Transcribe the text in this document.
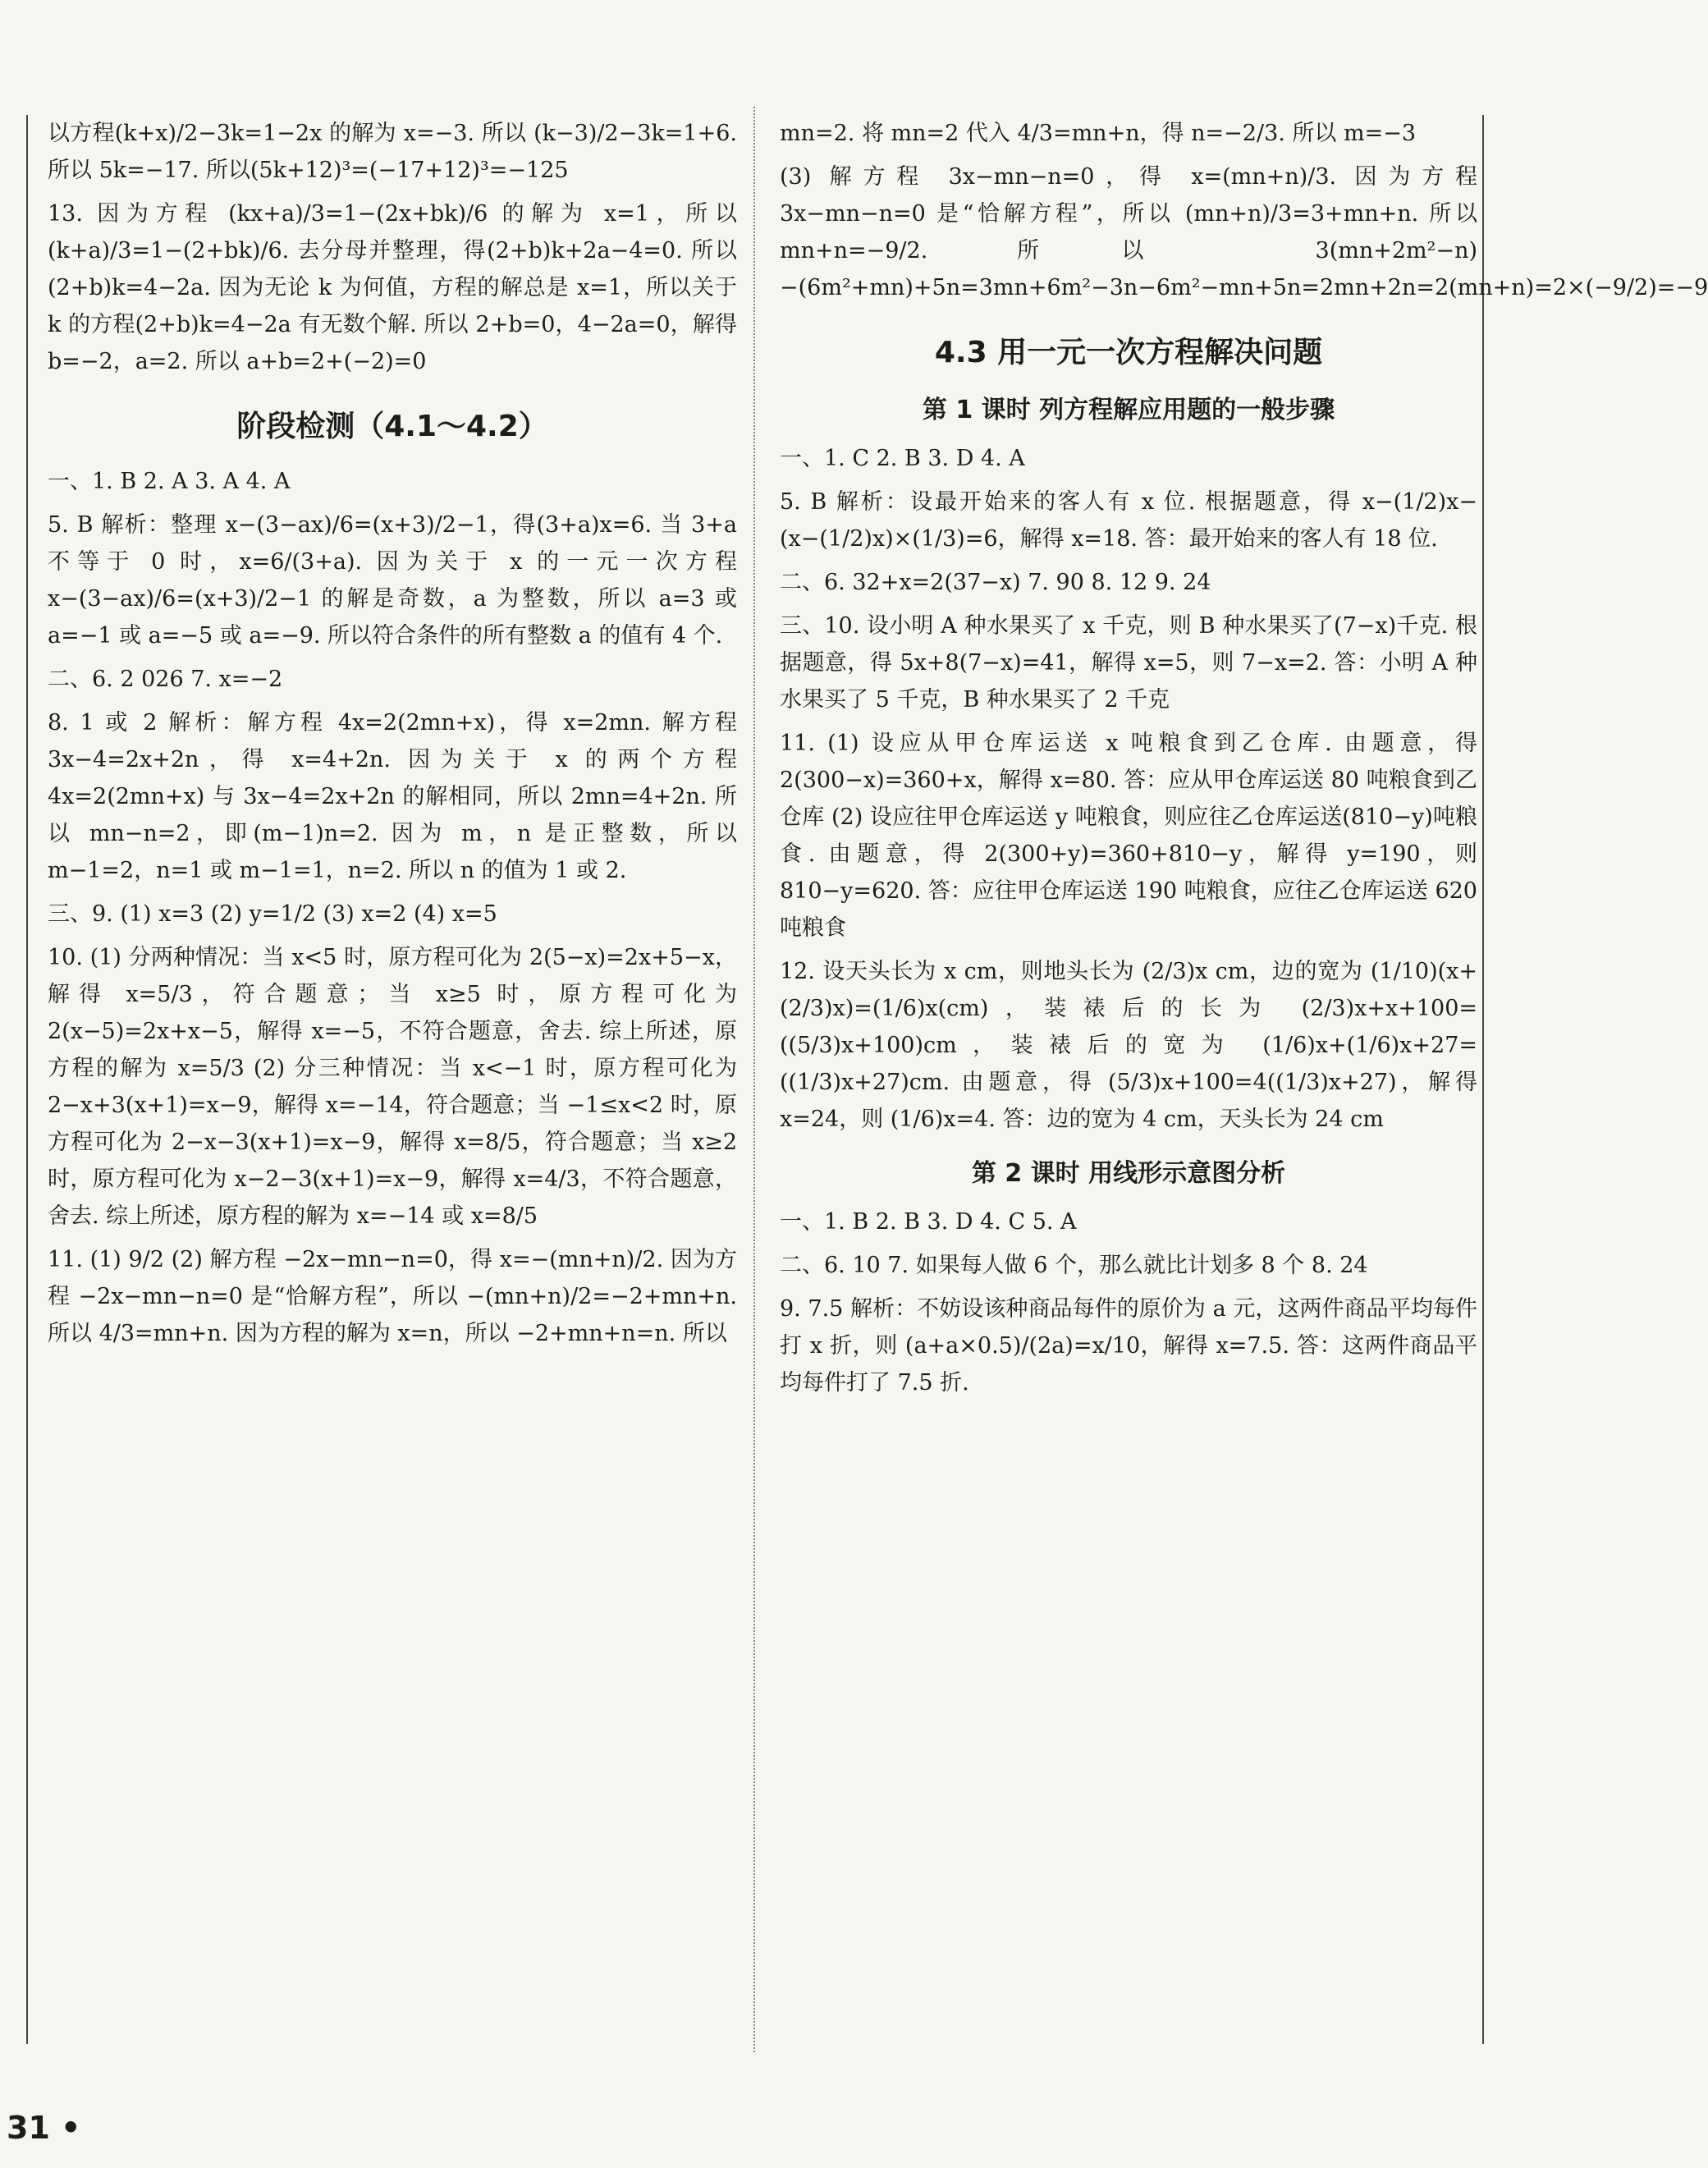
以方程(k+x)/2−3k=1−2x 的解为 x=−3. 所以 (k−3)/2−3k=1+6. 所以 5k=−17. 所以(5k+12)³=(−17+12)³=−125

13. 因为方程 (kx+a)/3=1−(2x+bk)/6 的解为 x=1，所以 (k+a)/3=1−(2+bk)/6. 去分母并整理，得(2+b)k+2a−4=0. 所以(2+b)k=4−2a. 因为无论 k 为何值，方程的解总是 x=1，所以关于 k 的方程(2+b)k=4−2a 有无数个解. 所以 2+b=0，4−2a=0，解得 b=−2，a=2. 所以 a+b=2+(−2)=0

阶段检测（4.1～4.2）

一、1. B 2. A 3. A 4. A

5. B 解析：整理 x−(3−ax)/6=(x+3)/2−1，得(3+a)x=6. 当 3+a 不等于 0 时，x=6/(3+a). 因为关于 x 的一元一次方程 x−(3−ax)/6=(x+3)/2−1 的解是奇数，a 为整数，所以 a=3 或 a=−1 或 a=−5 或 a=−9. 所以符合条件的所有整数 a 的值有 4 个.

二、6. 2 026 7. x=−2

8. 1 或 2 解析：解方程 4x=2(2mn+x)，得 x=2mn. 解方程 3x−4=2x+2n，得 x=4+2n. 因为关于 x 的两个方程 4x=2(2mn+x) 与 3x−4=2x+2n 的解相同，所以 2mn=4+2n. 所以 mn−n=2，即(m−1)n=2. 因为 m，n 是正整数，所以 m−1=2，n=1 或 m−1=1，n=2. 所以 n 的值为 1 或 2.

三、9. (1) x=3 (2) y=1/2 (3) x=2 (4) x=5

10. (1) 分两种情况：当 x<5 时，原方程可化为 2(5−x)=2x+5−x，解得 x=5/3，符合题意；当 x≥5 时，原方程可化为 2(x−5)=2x+x−5，解得 x=−5，不符合题意，舍去. 综上所述，原方程的解为 x=5/3 (2) 分三种情况：当 x<−1 时，原方程可化为 2−x+3(x+1)=x−9，解得 x=−14，符合题意；当 −1≤x<2 时，原方程可化为 2−x−3(x+1)=x−9，解得 x=8/5，符合题意；当 x≥2 时，原方程可化为 x−2−3(x+1)=x−9，解得 x=4/3，不符合题意，舍去. 综上所述，原方程的解为 x=−14 或 x=8/5

11. (1) 9/2 (2) 解方程 −2x−mn−n=0，得 x=−(mn+n)/2. 因为方程 −2x−mn−n=0 是“恰解方程”，所以 −(mn+n)/2=−2+mn+n. 所以 4/3=mn+n. 因为方程的解为 x=n，所以 −2+mn+n=n. 所以

mn=2. 将 mn=2 代入 4/3=mn+n，得 n=−2/3. 所以 m=−3

(3) 解方程 3x−mn−n=0，得 x=(mn+n)/3. 因为方程 3x−mn−n=0 是“恰解方程”，所以 (mn+n)/3=3+mn+n. 所以 mn+n=−9/2. 所以 3(mn+2m²−n)−(6m²+mn)+5n=3mn+6m²−3n−6m²−mn+5n=2mn+2n=2(mn+n)=2×(−9/2)=−9

4.3 用一元一次方程解决问题
第 1 课时 列方程解应用题的一般步骤

一、1. C 2. B 3. D 4. A

5. B 解析：设最开始来的客人有 x 位. 根据题意，得 x−(1/2)x−(x−(1/2)x)×(1/3)=6，解得 x=18. 答：最开始来的客人有 18 位.

二、6. 32+x=2(37−x) 7. 90 8. 12 9. 24

三、10. 设小明 A 种水果买了 x 千克，则 B 种水果买了(7−x)千克. 根据题意，得 5x+8(7−x)=41，解得 x=5，则 7−x=2. 答：小明 A 种水果买了 5 千克，B 种水果买了 2 千克

11. (1) 设应从甲仓库运送 x 吨粮食到乙仓库. 由题意，得 2(300−x)=360+x，解得 x=80. 答：应从甲仓库运送 80 吨粮食到乙仓库 (2) 设应往甲仓库运送 y 吨粮食，则应往乙仓库运送(810−y)吨粮食. 由题意，得 2(300+y)=360+810−y，解得 y=190，则 810−y=620. 答：应往甲仓库运送 190 吨粮食，应往乙仓库运送 620 吨粮食

12. 设天头长为 x cm，则地头长为 (2/3)x cm，边的宽为 (1/10)(x+(2/3)x)=(1/6)x(cm)，装裱后的长为 (2/3)x+x+100=((5/3)x+100)cm，装裱后的宽为 (1/6)x+(1/6)x+27=((1/3)x+27)cm. 由题意，得 (5/3)x+100=4((1/3)x+27)，解得 x=24，则 (1/6)x=4. 答：边的宽为 4 cm，天头长为 24 cm

第 2 课时 用线形示意图分析

一、1. B 2. B 3. D 4. C 5. A

二、6. 10 7. 如果每人做 6 个，那么就比计划多 8 个 8. 24

9. 7.5 解析：不妨设该种商品每件的原价为 a 元，这两件商品平均每件打 x 折，则 (a+a×0.5)/(2a)=x/10，解得 x=7.5. 答：这两件商品平均每件打了 7.5 折.

31 •
